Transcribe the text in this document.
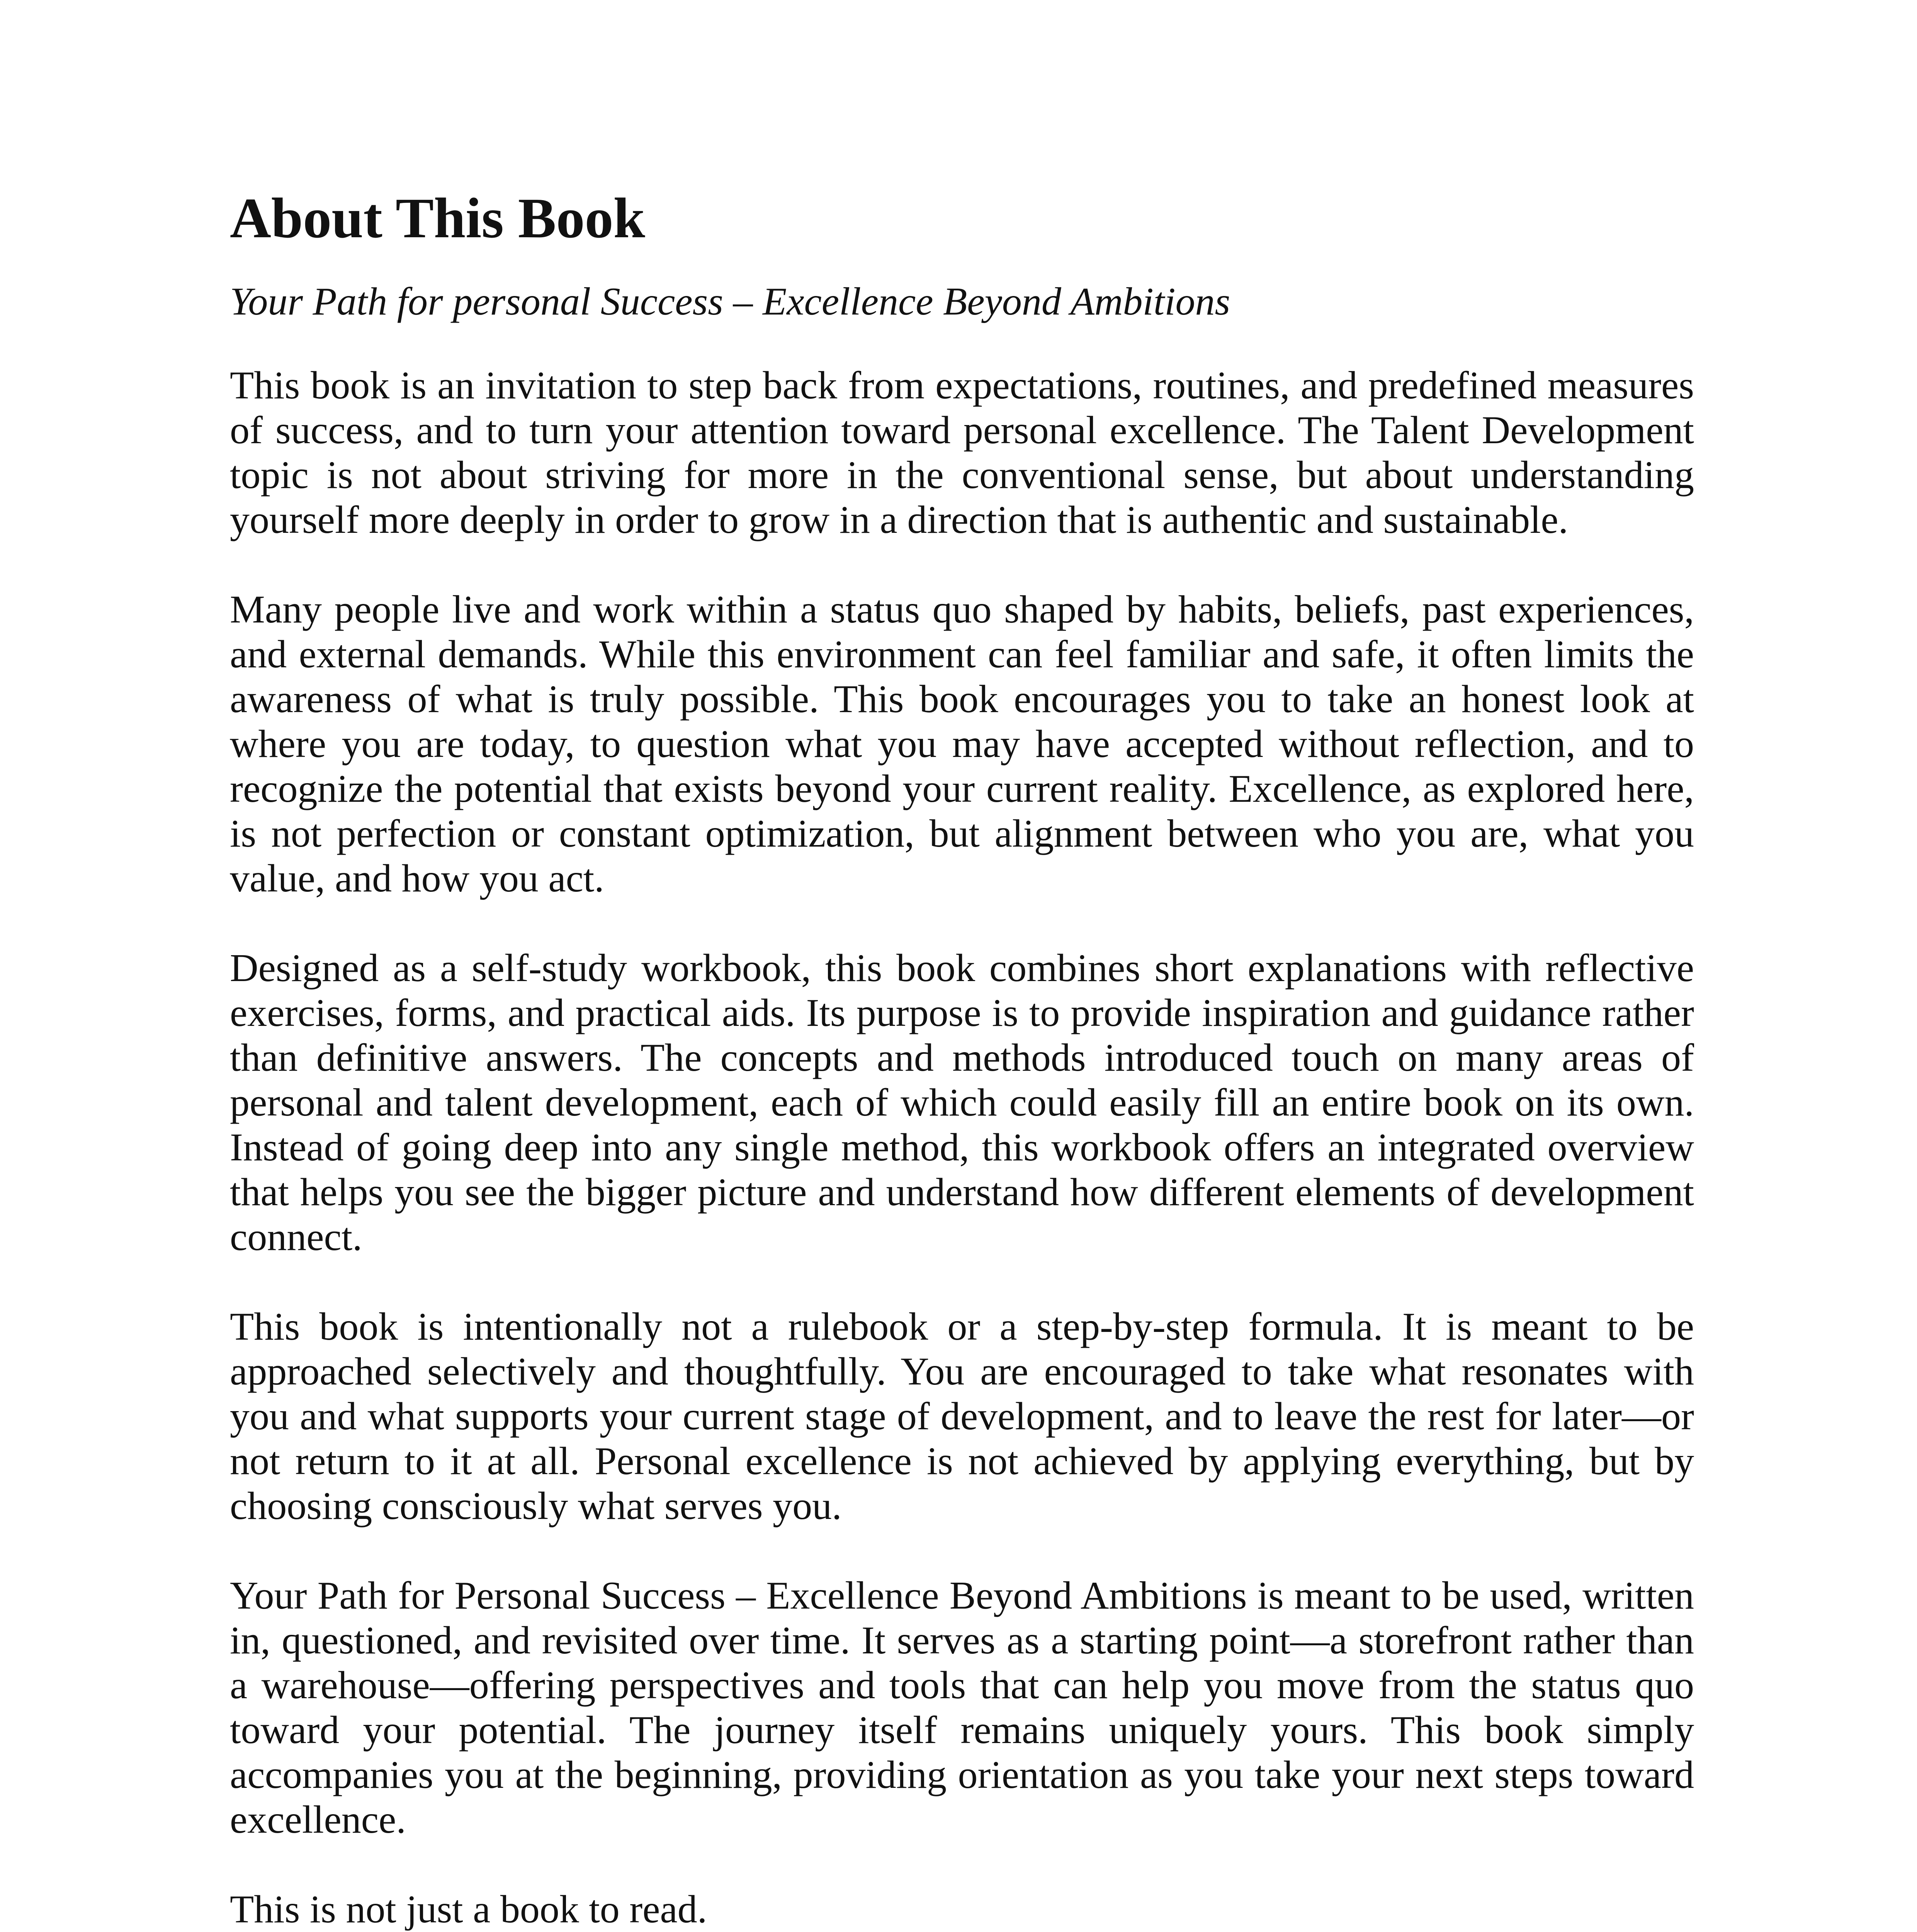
About This Book

Your Path for personal Success – Excellence Beyond Ambitions

This book is an invitation to step back from expectations, routines, and predefined measures of success, and to turn your attention toward personal excellence. The Talent Development topic is not about striving for more in the conventional sense, but about understanding yourself more deeply in order to grow in a direction that is authentic and sustainable.

Many people live and work within a status quo shaped by habits, beliefs, past experiences, and external demands. While this environment can feel familiar and safe, it often limits the awareness of what is truly possible. This book encourages you to take an honest look at where you are today, to question what you may have accepted without reflection, and to recognize the potential that exists beyond your current reality. Excellence, as explored here, is not perfection or constant optimization, but alignment between who you are, what you value, and how you act.

Designed as a self-study workbook, this book combines short explanations with reflective exercises, forms, and practical aids. Its purpose is to provide inspiration and guidance rather than definitive answers. The concepts and methods introduced touch on many areas of personal and talent development, each of which could easily fill an entire book on its own. Instead of going deep into any single method, this workbook offers an integrated overview that helps you see the bigger picture and understand how different elements of development connect.

This book is intentionally not a rulebook or a step-by-step formula. It is meant to be approached selectively and thoughtfully. You are encouraged to take what resonates with you and what supports your current stage of development, and to leave the rest for later—or not return to it at all. Personal excellence is not achieved by applying everything, but by choosing consciously what serves you.

Your Path for Personal Success – Excellence Beyond Ambitions is meant to be used, written in, questioned, and revisited over time. It serves as a starting point—a storefront rather than a warehouse—offering perspectives and tools that can help you move from the status quo toward your potential. The journey itself remains uniquely yours. This book simply accompanies you at the beginning, providing orientation as you take your next steps toward excellence.

This is not just a book to read.
